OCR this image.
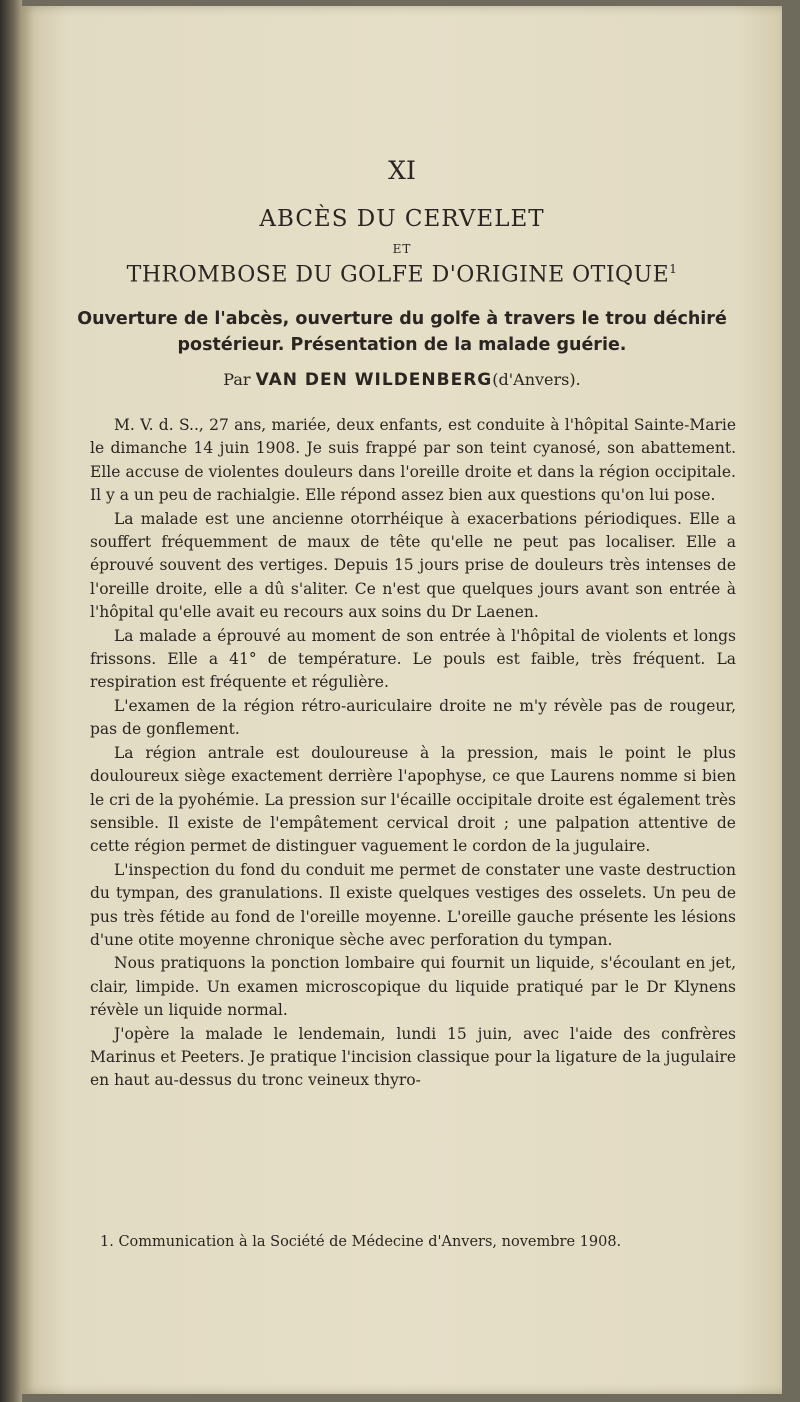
XI
ABCÈS DU CERVELET
ET
THROMBOSE DU GOLFE D'ORIGINE OTIQUE$^1$
Ouverture de l'abcès, ouverture du golfe à travers le trou déchiré postérieur. Présentation de la malade guérie.
Par VAN DEN WILDENBERG(d'Anvers).

M. V. d. S.., 27 ans, mariée, deux enfants, est conduite à l'hôpital Sainte-Marie le dimanche 14 juin 1908. Je suis frappé par son teint cyanosé, son abattement. Elle accuse de violentes douleurs dans l'oreille droite et dans la région occipitale. Il y a un peu de rachialgie. Elle répond assez bien aux questions qu'on lui pose.

La malade est une ancienne otorrhéique à exacerbations périodiques. Elle a souffert fréquemment de maux de tête qu'elle ne peut pas localiser. Elle a éprouvé souvent des vertiges. Depuis 15 jours prise de douleurs très intenses de l'oreille droite, elle a dû s'aliter. Ce n'est que quelques jours avant son entrée à l'hôpital qu'elle avait eu recours aux soins du Dr Laenen.

La malade a éprouvé au moment de son entrée à l'hôpital de violents et longs frissons. Elle a 41° de température. Le pouls est faible, très fréquent. La respiration est fréquente et régulière.

L'examen de la région rétro-auriculaire droite ne m'y révèle pas de rougeur, pas de gonflement.

La région antrale est douloureuse à la pression, mais le point le plus douloureux siège exactement derrière l'apophyse, ce que Laurens nomme si bien le cri de la pyohémie. La pression sur l'écaille occipitale droite est également très sensible. Il existe de l'empâtement cervical droit ; une palpation attentive de cette région permet de distinguer vaguement le cordon de la jugulaire.

L'inspection du fond du conduit me permet de constater une vaste destruction du tympan, des granulations. Il existe quelques vestiges des osselets. Un peu de pus très fétide au fond de l'oreille moyenne. L'oreille gauche présente les lésions d'une otite moyenne chronique sèche avec perforation du tympan.

Nous pratiquons la ponction lombaire qui fournit un liquide, s'écoulant en jet, clair, limpide. Un examen microscopique du liquide pratiqué par le Dr Klynens révèle un liquide normal.

J'opère la malade le lendemain, lundi 15 juin, avec l'aide des confrères Marinus et Peeters. Je pratique l'incision classique pour la ligature de la jugulaire en haut au-dessus du tronc veineux thyro-

1. Communication à la Société de Médecine d'Anvers, novembre 1908.
